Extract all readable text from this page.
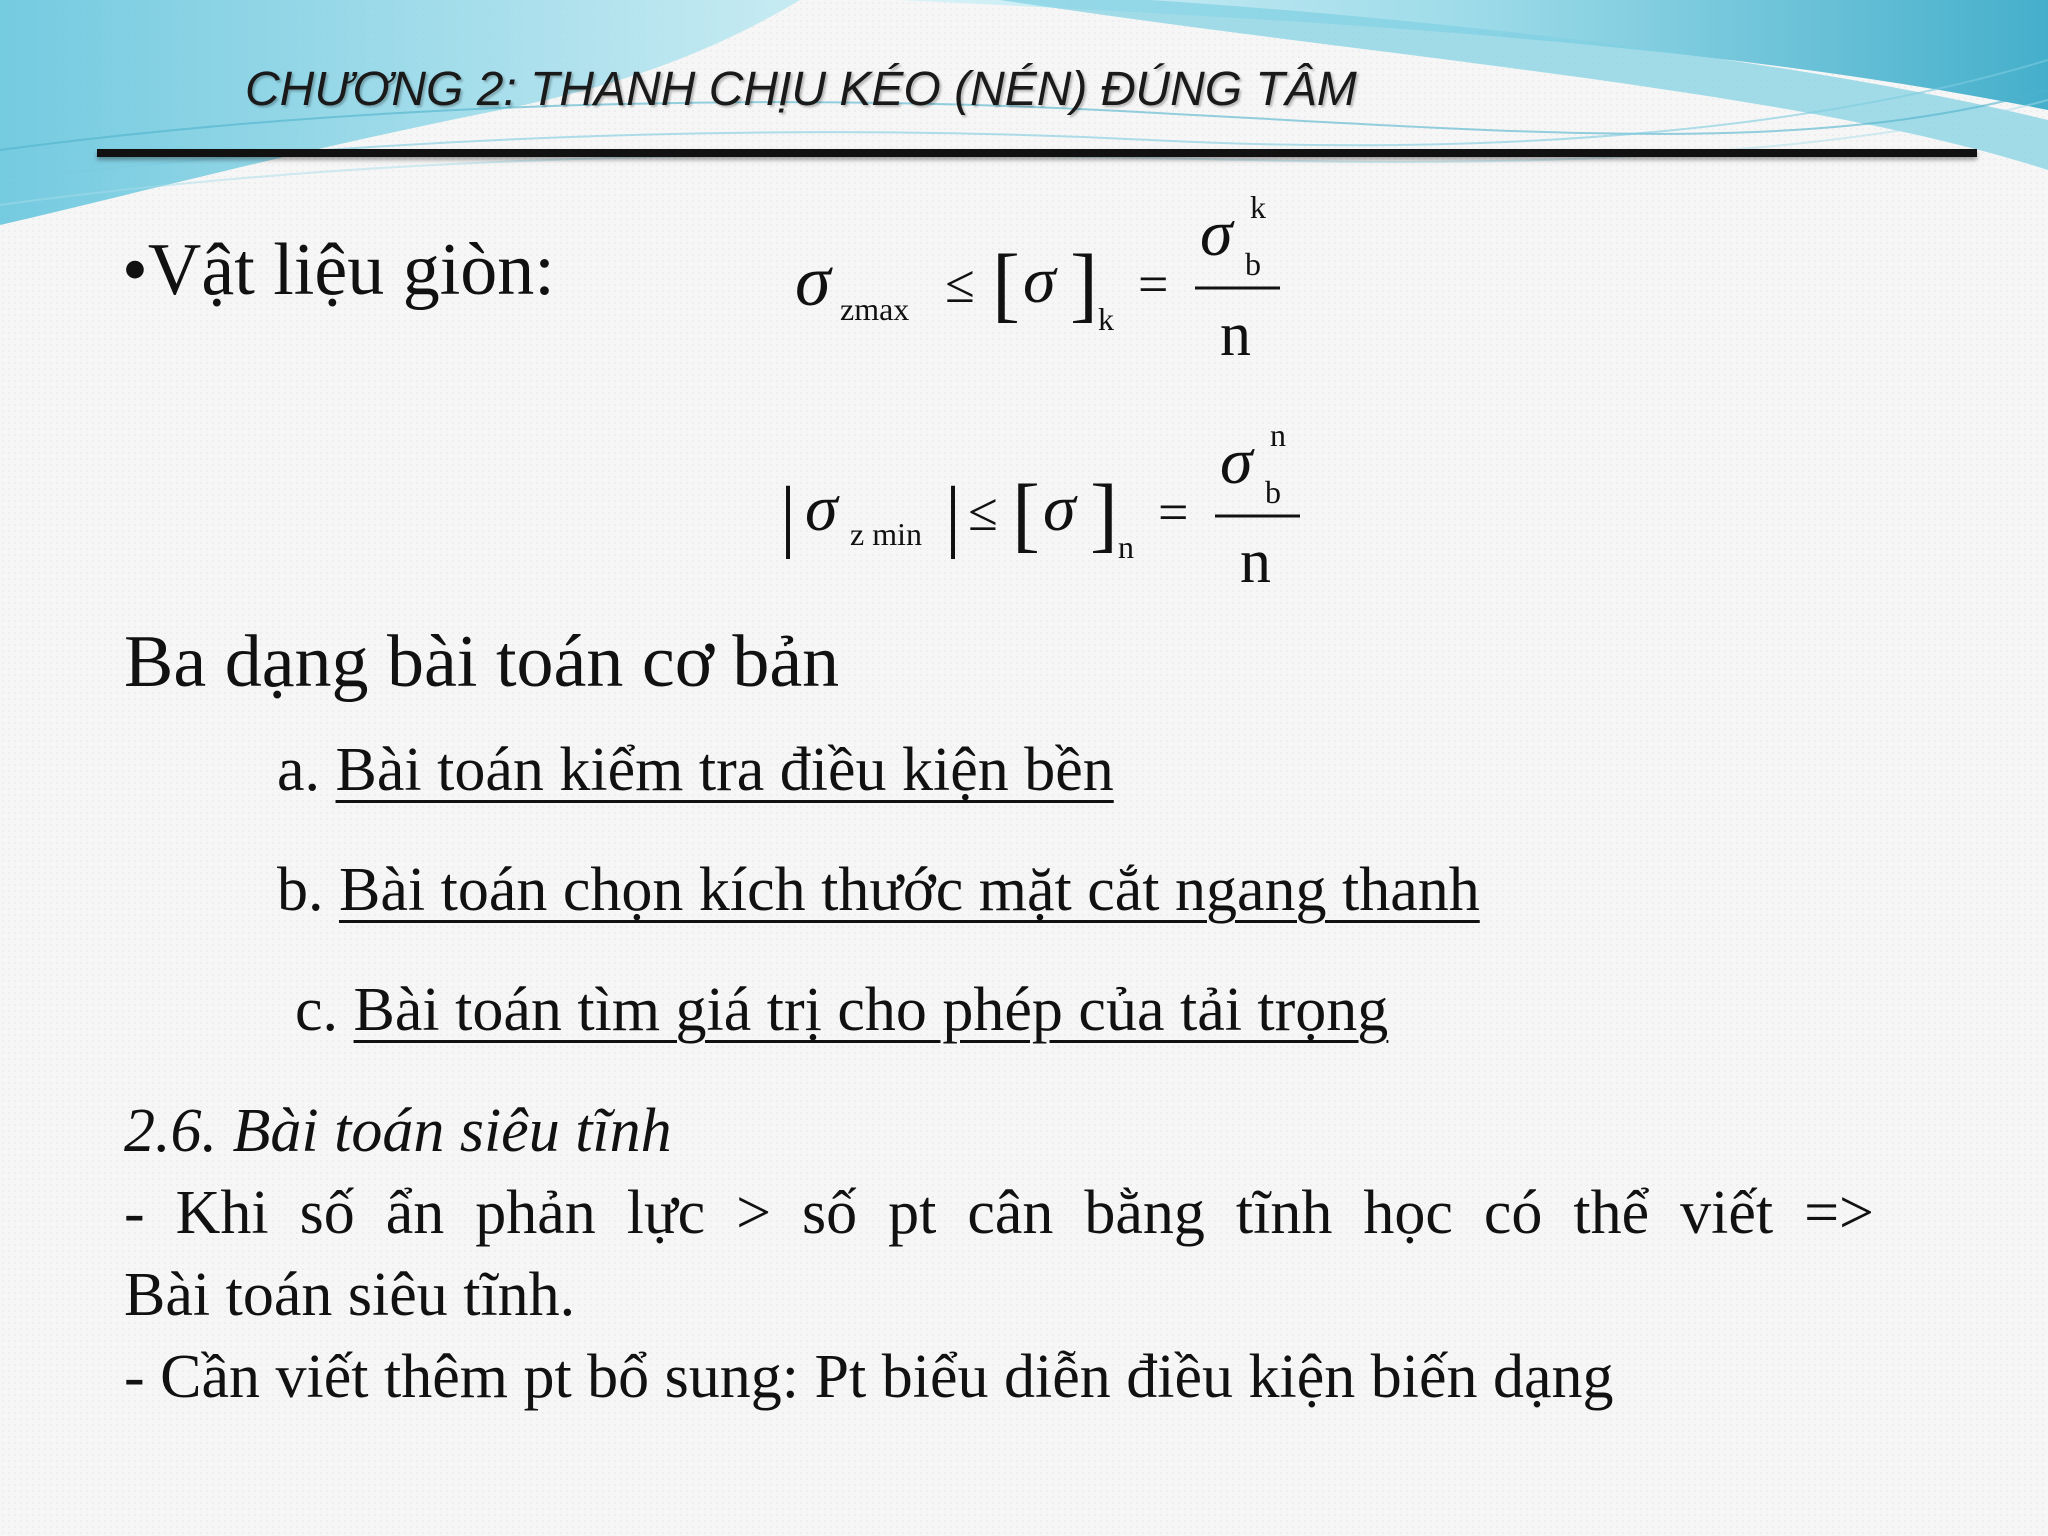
CHƯƠNG 2: THANH CHỊU KÉO (NÉN) ĐÚNG TÂM
•Vật liệu giòn:	σ zmax ≤ [ σ ] k
=
σ k
b
n
| σ z min | ≤ [ σ ] n
=
σ n
b
n
Ba dạng bài toán cơ bản
a. Bài toán kiểm tra điều kiện bền
b. Bài toán chọn kích thước mặt cắt ngang thanh
c. Bài toán tìm giá trị cho phép của tải trọng
2.6. Bài toán siêu tĩnh
- Khi số ẩn phản lực > số pt cân bằng tĩnh học có thể viết =>
Bài toán siêu tĩnh.
- Cần viết thêm pt bổ sung: Pt biểu diễn điều kiện biến dạng
